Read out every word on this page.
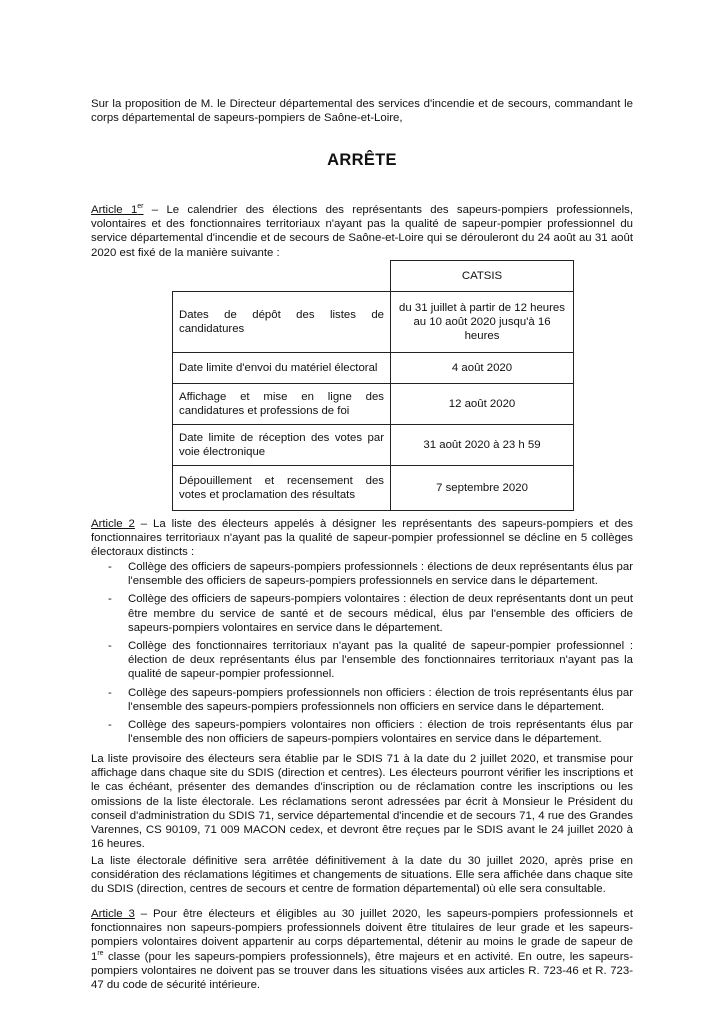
Sur la proposition de M. le Directeur départemental des services d'incendie et de secours, commandant le corps départemental de sapeurs-pompiers de Saône-et-Loire,

ARRÊTE

Article 1er – Le calendrier des élections des représentants des sapeurs-pompiers professionnels, volontaires et des fonctionnaires territoriaux n'ayant pas la qualité de sapeur-pompier professionnel du service départemental d'incendie et de secours de Saône-et-Loire qui se dérouleront du 24 août au 31 août 2020 est fixé de la manière suivante :

	CATSIS
Dates de dépôt des listes de candidatures	du 31 juillet à partir de 12 heures au 10 août 2020 jusqu'à 16 heures
Date limite d'envoi du matériel électoral	4 août 2020
Affichage et mise en ligne des candidatures et professions de foi	12 août 2020
Date limite de réception des votes par voie électronique	31 août 2020 à 23 h 59
Dépouillement et recensement des votes et proclamation des résultats	7 septembre 2020

Article 2 – La liste des électeurs appelés à désigner les représentants des sapeurs-pompiers et des fonctionnaires territoriaux n'ayant pas la qualité de sapeur-pompier professionnel se décline en 5 collèges électoraux distincts :

- Collège des officiers de sapeurs-pompiers professionnels : élections de deux représentants élus par l'ensemble des officiers de sapeurs-pompiers professionnels en service dans le département.
- Collège des officiers de sapeurs-pompiers volontaires : élection de deux représentants dont un peut être membre du service de santé et de secours médical, élus par l'ensemble des officiers de sapeurs-pompiers volontaires en service dans le département.
- Collège des fonctionnaires territoriaux n'ayant pas la qualité de sapeur-pompier professionnel : élection de deux représentants élus par l'ensemble des fonctionnaires territoriaux n'ayant pas la qualité de sapeur-pompier professionnel.
- Collège des sapeurs-pompiers professionnels non officiers : élection de trois représentants élus par l'ensemble des sapeurs-pompiers professionnels non officiers en service dans le département.
- Collège des sapeurs-pompiers volontaires non officiers : élection de trois représentants élus par l'ensemble des non officiers de sapeurs-pompiers volontaires en service dans le département.

La liste provisoire des électeurs sera établie par le SDIS 71 à la date du 2 juillet 2020, et transmise pour affichage dans chaque site du SDIS (direction et centres). Les électeurs pourront vérifier les inscriptions et le cas échéant, présenter des demandes d'inscription ou de réclamation contre les inscriptions ou les omissions de la liste électorale. Les réclamations seront adressées par écrit à Monsieur le Président du conseil d'administration du SDIS 71, service départemental d'incendie et de secours 71, 4 rue des Grandes Varennes, CS 90109, 71 009 MACON cedex, et devront être reçues par le SDIS avant le 24 juillet 2020 à 16 heures.

La liste électorale définitive sera arrêtée définitivement à la date du 30 juillet 2020, après prise en considération des réclamations légitimes et changements de situations. Elle sera affichée dans chaque site du SDIS (direction, centres de secours et centre de formation départemental) où elle sera consultable.

Article 3 – Pour être électeurs et éligibles au 30 juillet 2020, les sapeurs-pompiers professionnels et fonctionnaires non sapeurs-pompiers professionnels doivent être titulaires de leur grade et les sapeurs-pompiers volontaires doivent appartenir au corps départemental, détenir au moins le grade de sapeur de 1re classe (pour les sapeurs-pompiers professionnels), être majeurs et en activité. En outre, les sapeurs-pompiers volontaires ne doivent pas se trouver dans les situations visées aux articles R. 723-46 et R. 723- 47 du code de sécurité intérieure.
